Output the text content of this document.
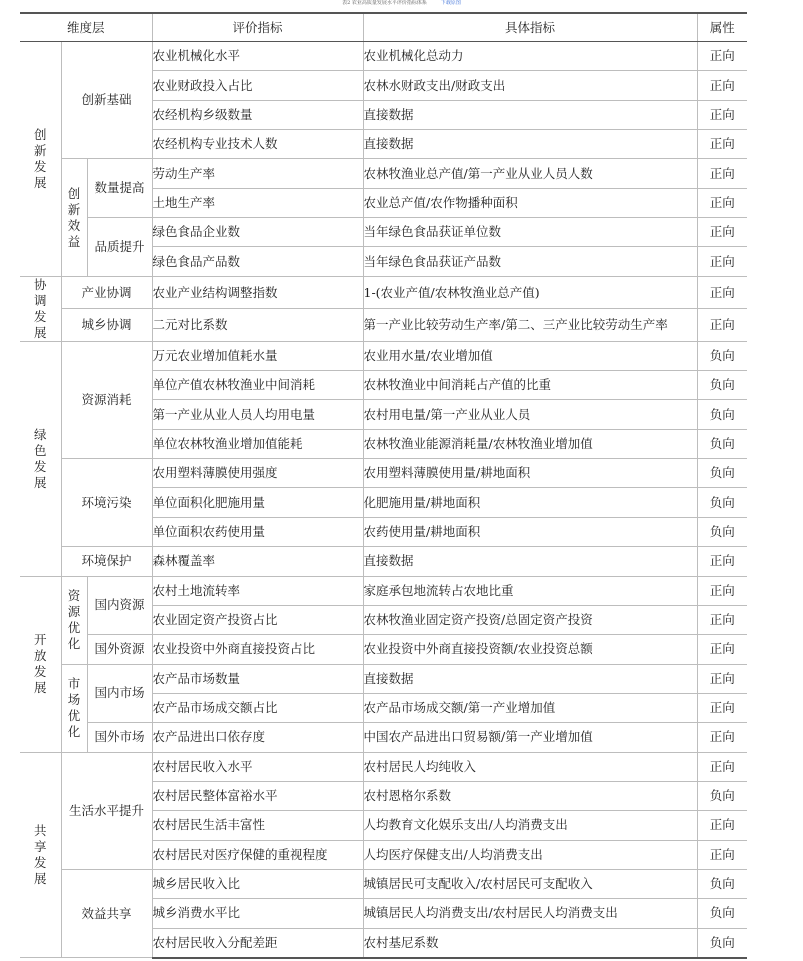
表2 农业高质量发展水平评价指标体系	下载原图
维度层			评价指标	具体指标	属性
创新发展	创新基础		农业机械化水平	农业机械化总动力	正向
			农业财政投入占比	农林水财政支出/财政支出	正向
			农经机构乡级数量	直接数据	正向
			农经机构专业技术人数	直接数据	正向
	创新效益	数量提高	劳动生产率	农林牧渔业总产值/第一产业从业人员人数	正向
			土地生产率	农业总产值/农作物播种面积	正向
		品质提升	绿色食品企业数	当年绿色食品获证单位数	正向
			绿色食品产品数	当年绿色食品获证产品数	正向
协调发展	产业协调		农业产业结构调整指数	1-(农业产值/农林牧渔业总产值)	正向
	城乡协调		二元对比系数	第一产业比较劳动生产率/第二、三产业比较劳动生产率	正向
绿色发展	资源消耗		万元农业增加值耗水量	农业用水量/农业增加值	负向
			单位产值农林牧渔业中间消耗	农林牧渔业中间消耗占产值的比重	负向
			第一产业从业人员人均用电量	农村用电量/第一产业从业人员	负向
			单位农林牧渔业增加值能耗	农林牧渔业能源消耗量/农林牧渔业增加值	负向
	环境污染		农用塑料薄膜使用强度	农用塑料薄膜使用量/耕地面积	负向
			单位面积化肥施用量	化肥施用量/耕地面积	负向
			单位面积农药使用量	农药使用量/耕地面积	负向
	环境保护		森林覆盖率	直接数据	正向
开放发展	资源优化	国内资源	农村土地流转率	家庭承包地流转占农地比重	正向
			农业固定资产投资占比	农林牧渔业固定资产投资/总固定资产投资	正向
		国外资源	农业投资中外商直接投资占比	农业投资中外商直接投资额/农业投资总额	正向
	市场优化	国内市场	农产品市场数量	直接数据	正向
			农产品市场成交额占比	农产品市场成交额/第一产业增加值	正向
		国外市场	农产品进出口依存度	中国农产品进出口贸易额/第一产业增加值	正向
共享发展	生活水平提升		农村居民收入水平	农村居民人均纯收入	正向
			农村居民整体富裕水平	农村恩格尔系数	负向
			农村居民生活丰富性	人均教育文化娱乐支出/人均消费支出	正向
			农村居民对医疗保健的重视程度	人均医疗保健支出/人均消费支出	正向
	效益共享		城乡居民收入比	城镇居民可支配收入/农村居民可支配收入	负向
			城乡消费水平比	城镇居民人均消费支出/农村居民人均消费支出	负向
			农村居民收入分配差距	农村基尼系数	负向
